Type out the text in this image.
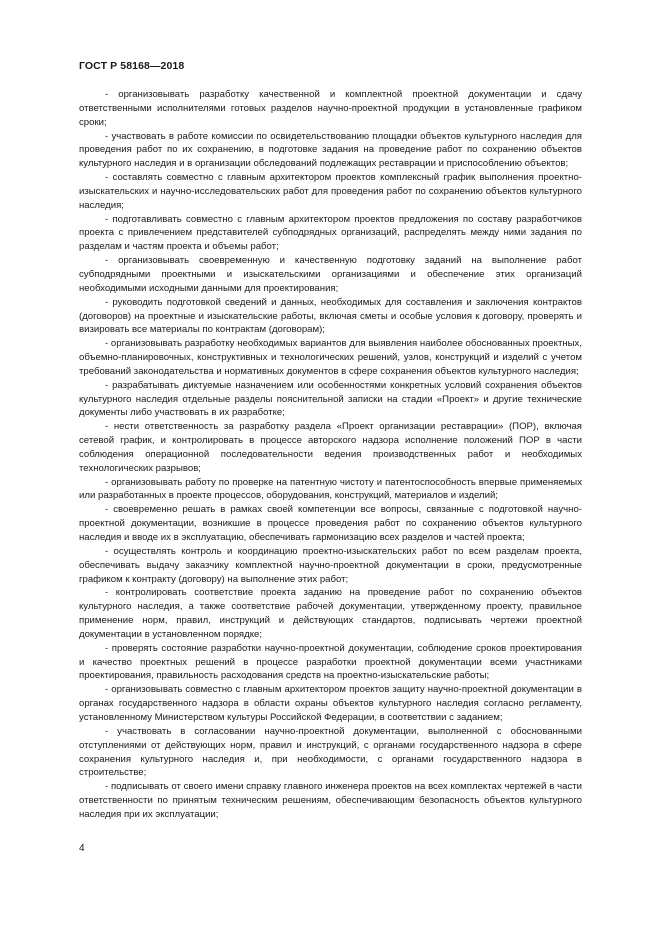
ГОСТ Р 58168—2018

- организовывать разработку качественной и комплектной проектной документации и сдачу ответственными исполнителями готовых разделов научно-проектной продукции в установленные графиком сроки;

- участвовать в работе комиссии по освидетельствованию площадки объектов культурного наследия для проведения работ по их сохранению, в подготовке задания на проведение работ по сохранению объектов культурного наследия и в организации обследований подлежащих реставрации и приспособлению объектов;

- составлять совместно с главным архитектором проектов комплексный график выполнения проектно-изыскательских и научно-исследовательских работ для проведения работ по сохранению объектов культурного наследия;

- подготавливать совместно с главным архитектором проектов предложения по составу разработчиков проекта с привлечением представителей субподрядных организаций, распределять между ними задания по разделам и частям проекта и объемы работ;

- организовывать своевременную и качественную подготовку заданий на выполнение работ субподрядными проектными и изыскательскими организациями и обеспечение этих организаций необходимыми исходными данными для проектирования;

- руководить подготовкой сведений и данных, необходимых для составления и заключения контрактов (договоров) на проектные и изыскательские работы, включая сметы и особые условия к договору, проверять и визировать все материалы по контрактам (договорам);

- организовывать разработку необходимых вариантов для выявления наиболее обоснованных проектных, объемно-планировочных, конструктивных и технологических решений, узлов, конструкций и изделий с учетом требований законодательства и нормативных документов в сфере сохранения объектов культурного наследия;

- разрабатывать диктуемые назначением или особенностями конкретных условий сохранения объектов культурного наследия отдельные разделы пояснительной записки на стадии «Проект» и другие технические документы либо участвовать в их разработке;

- нести ответственность за разработку раздела «Проект организации реставрации» (ПОР), включая сетевой график, и контролировать в процессе авторского надзора исполнение положений ПОР в части соблюдения операционной последовательности ведения производственных работ и необходимых технологических разрывов;

- организовывать работу по проверке на патентную чистоту и патентоспособность впервые применяемых или разработанных в проекте процессов, оборудования, конструкций, материалов и изделий;

- своевременно решать в рамках своей компетенции все вопросы, связанные с подготовкой научно-проектной документации, возникшие в процессе проведения работ по сохранению объектов культурного наследия и вводе их в эксплуатацию, обеспечивать гармонизацию всех разделов и частей проекта;

- осуществлять контроль и координацию проектно-изыскательских работ по всем разделам проекта, обеспечивать выдачу заказчику комплектной научно-проектной документации в сроки, предусмотренные графиком к контракту (договору) на выполнение этих работ;

- контролировать соответствие проекта заданию на проведение работ по сохранению объектов культурного наследия, а также соответствие рабочей документации, утвержденному проекту, правильное применение норм, правил, инструкций и действующих стандартов, подписывать чертежи проектной документации в установленном порядке;

- проверять состояние разработки научно-проектной документации, соблюдение сроков проектирования и качество проектных решений в процессе разработки проектной документации всеми участниками проектирования, правильность расходования средств на проектно-изыскательские работы;

- организовывать совместно с главным архитектором проектов защиту научно-проектной документации в органах государственного надзора в области охраны объектов культурного наследия согласно регламенту, установленному Министерством культуры Российской Федерации, в соответствии с заданием;

- участвовать в согласовании научно-проектной документации, выполненной с обоснованными отступлениями от действующих норм, правил и инструкций, с органами государственного надзора в сфере сохранения культурного наследия и, при необходимости, с органами государственного надзора в строительстве;

- подписывать от своего имени справку главного инженера проектов на всех комплектах чертежей в части ответственности по принятым техническим решениям, обеспечивающим безопасность объектов культурного наследия при их эксплуатации;

4
